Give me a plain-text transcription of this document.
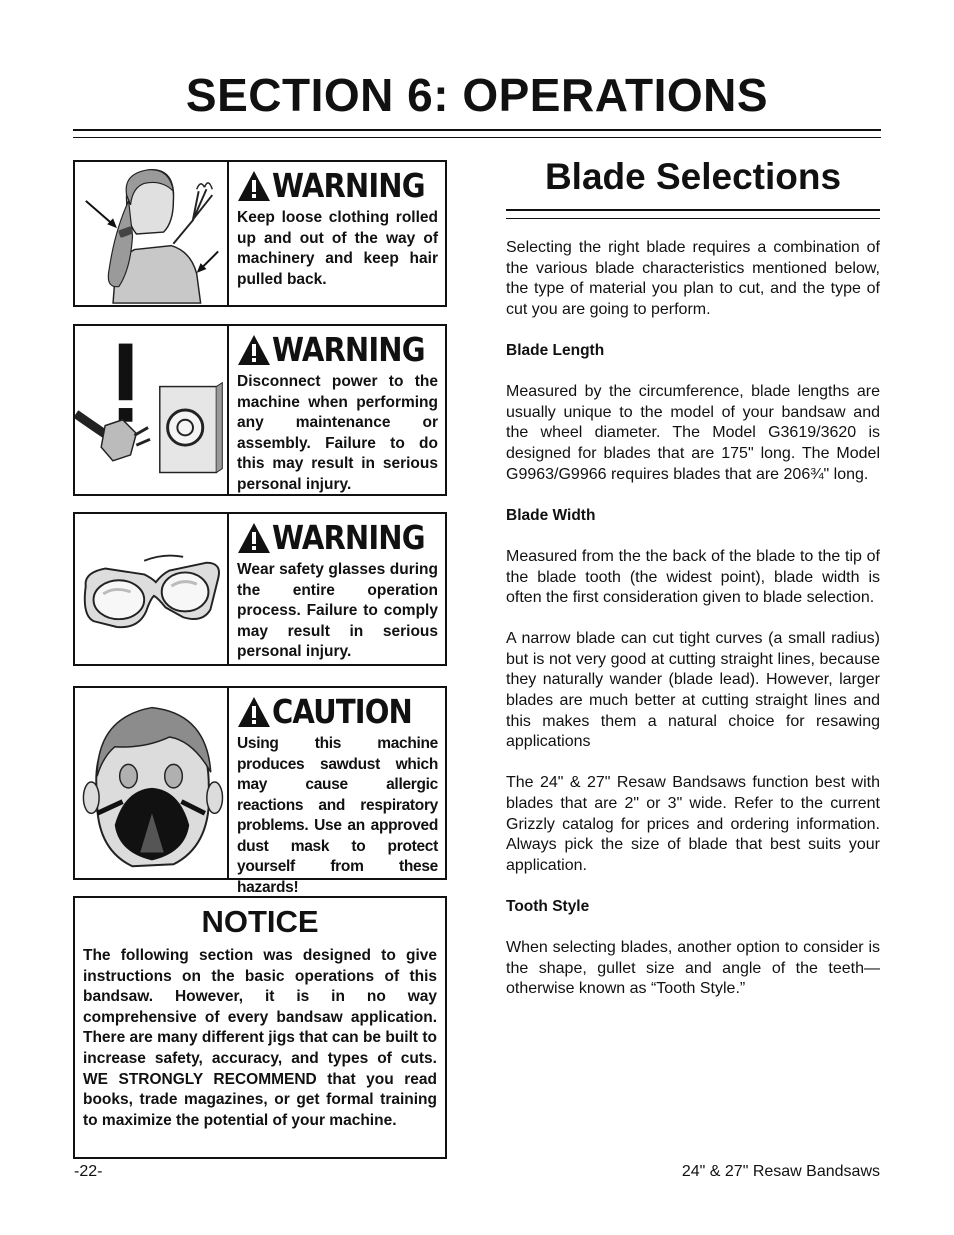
SECTION 6: OPERATIONS
WARNING

Keep loose clothing rolled up and out of the way of machinery and keep hair pulled back.

WARNING

Disconnect power to the machine when performing any maintenance or assembly. Failure to do this may result in serious personal injury.

WARNING

Wear safety glasses during the entire operation process. Failure to comply may result in serious personal injury.

CAUTION

Using this machine produces sawdust which may cause allergic reactions and respiratory problems. Use an approved dust mask to protect yourself from these hazards!

NOTICE

The following section was designed to give instructions on the basic operations of this bandsaw. However, it is in no way comprehensive of every bandsaw application. There are many different jigs that can be built to increase safety, accuracy, and types of cuts. WE STRONGLY RECOMMEND that you read books, trade magazines, or get formal training to maximize the potential of your machine.

Blade Selections

Selecting the right blade requires a combination of the various blade characteristics mentioned below, the type of material you plan to cut, and the type of cut you are going to perform.

Blade Length

Measured by the circumference, blade lengths are usually unique to the model of your bandsaw and the wheel diameter. The Model G3619/3620 is designed for blades that are 175" long. The Model G9963/G9966 requires blades that are 206¾" long.

Blade Width

Measured from the the back of the blade to the tip of the blade tooth (the widest point), blade width is often the first consideration given to blade selection.

A narrow blade can cut tight curves (a small radius) but is not very good at cutting straight lines, because they naturally wander (blade lead). However, larger blades are much better at cutting straight lines and this makes them a natural choice for resawing applications

The 24" & 27" Resaw Bandsaws function best with blades that are 2" or 3" wide. Refer to the current Grizzly catalog for prices and ordering information. Always pick the size of blade that best suits your application.

Tooth Style

When selecting blades, another option to consider is the shape, gullet size and angle of the teeth—otherwise known as “Tooth Style.”

-22-	24" & 27" Resaw Bandsaws
